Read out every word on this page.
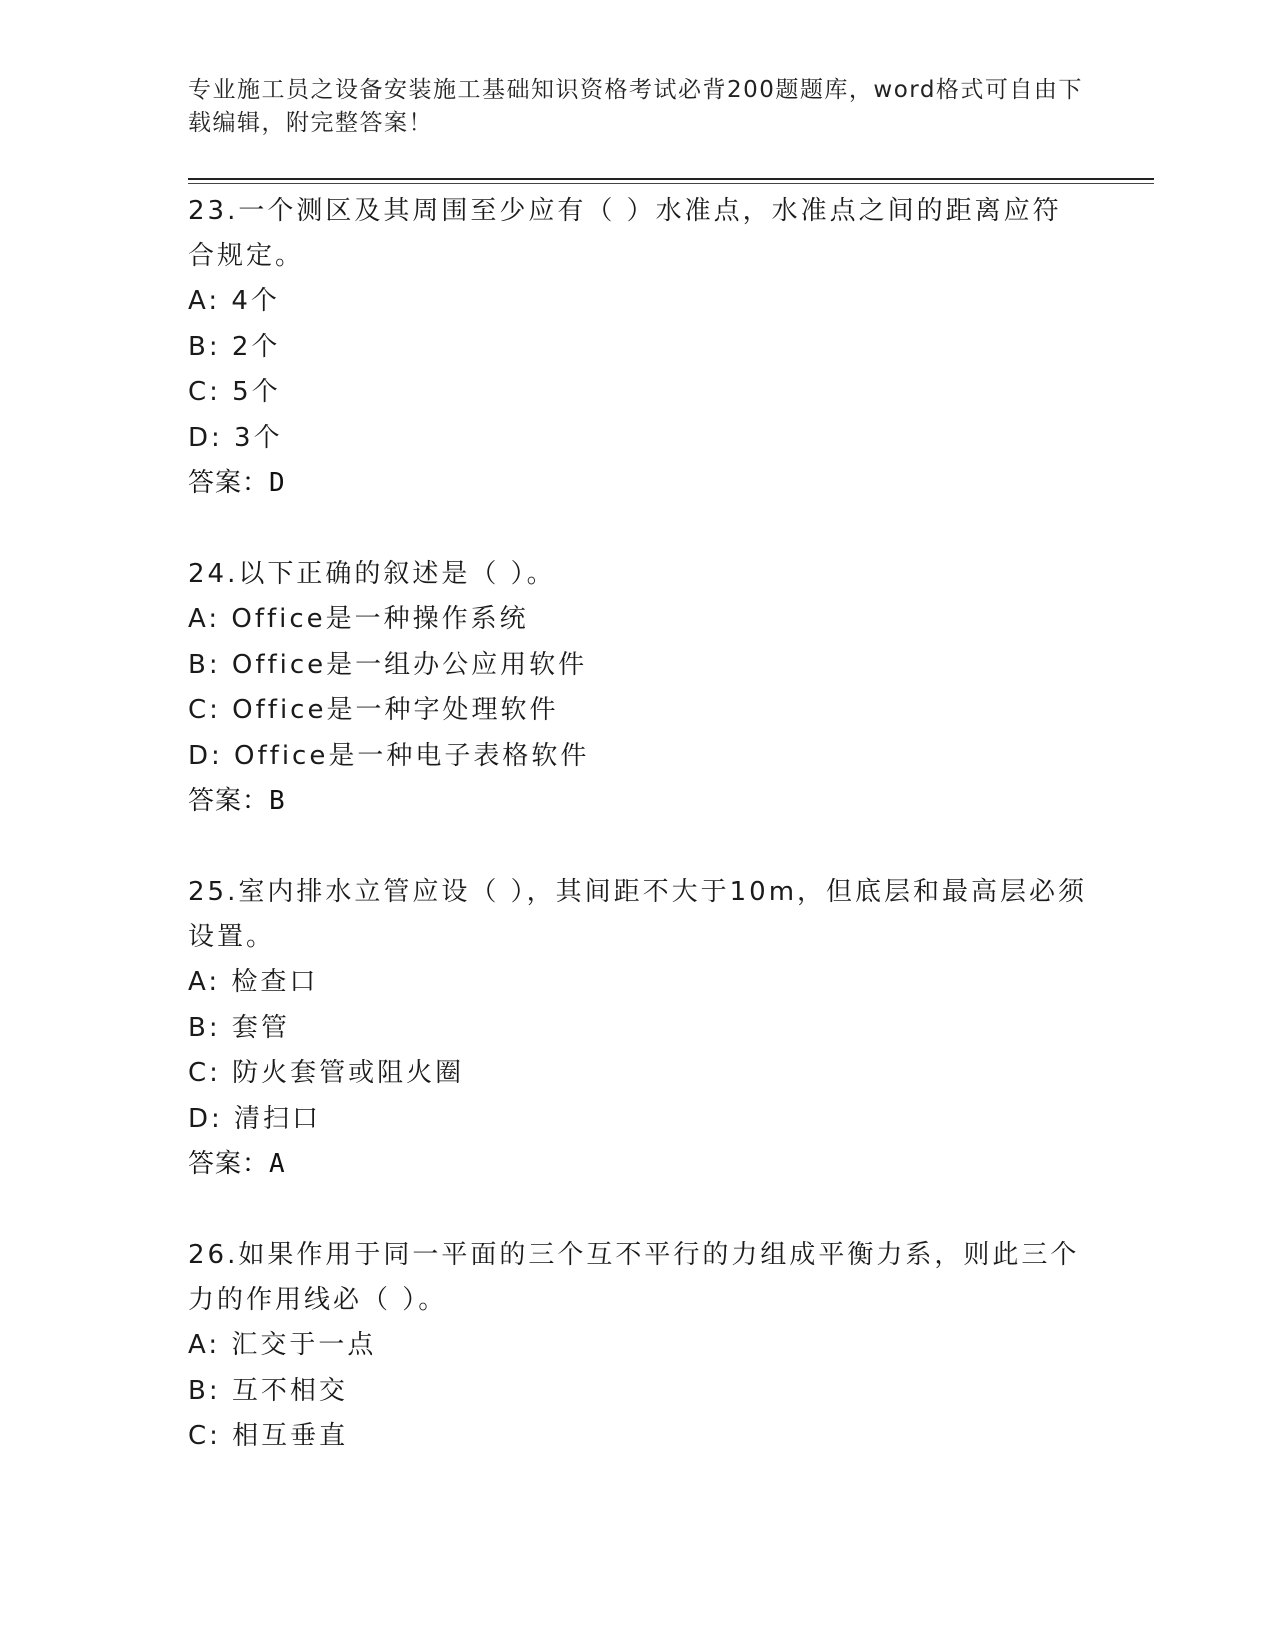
专业施工员之设备安装施工基础知识资格考试必背200题题库，word格式可自由下载编辑，附完整答案！
23.一个测区及其周围至少应有（ ）水准点，水准点之间的距离应符合规定。
A: 4个
B: 2个
C: 5个
D: 3个
答案：D
24.以下正确的叙述是（ ）。
A: Office是一种操作系统
B: Office是一组办公应用软件
C: Office是一种字处理软件
D: Office是一种电子表格软件
答案：B
25.室内排水立管应设（ ），其间距不大于10m，但底层和最高层必须设置。
A: 检查口
B: 套管
C: 防火套管或阻火圈
D: 清扫口
答案：A
26.如果作用于同一平面的三个互不平行的力组成平衡力系，则此三个力的作用线必（ ）。
A: 汇交于一点
B: 互不相交
C: 相互垂直
